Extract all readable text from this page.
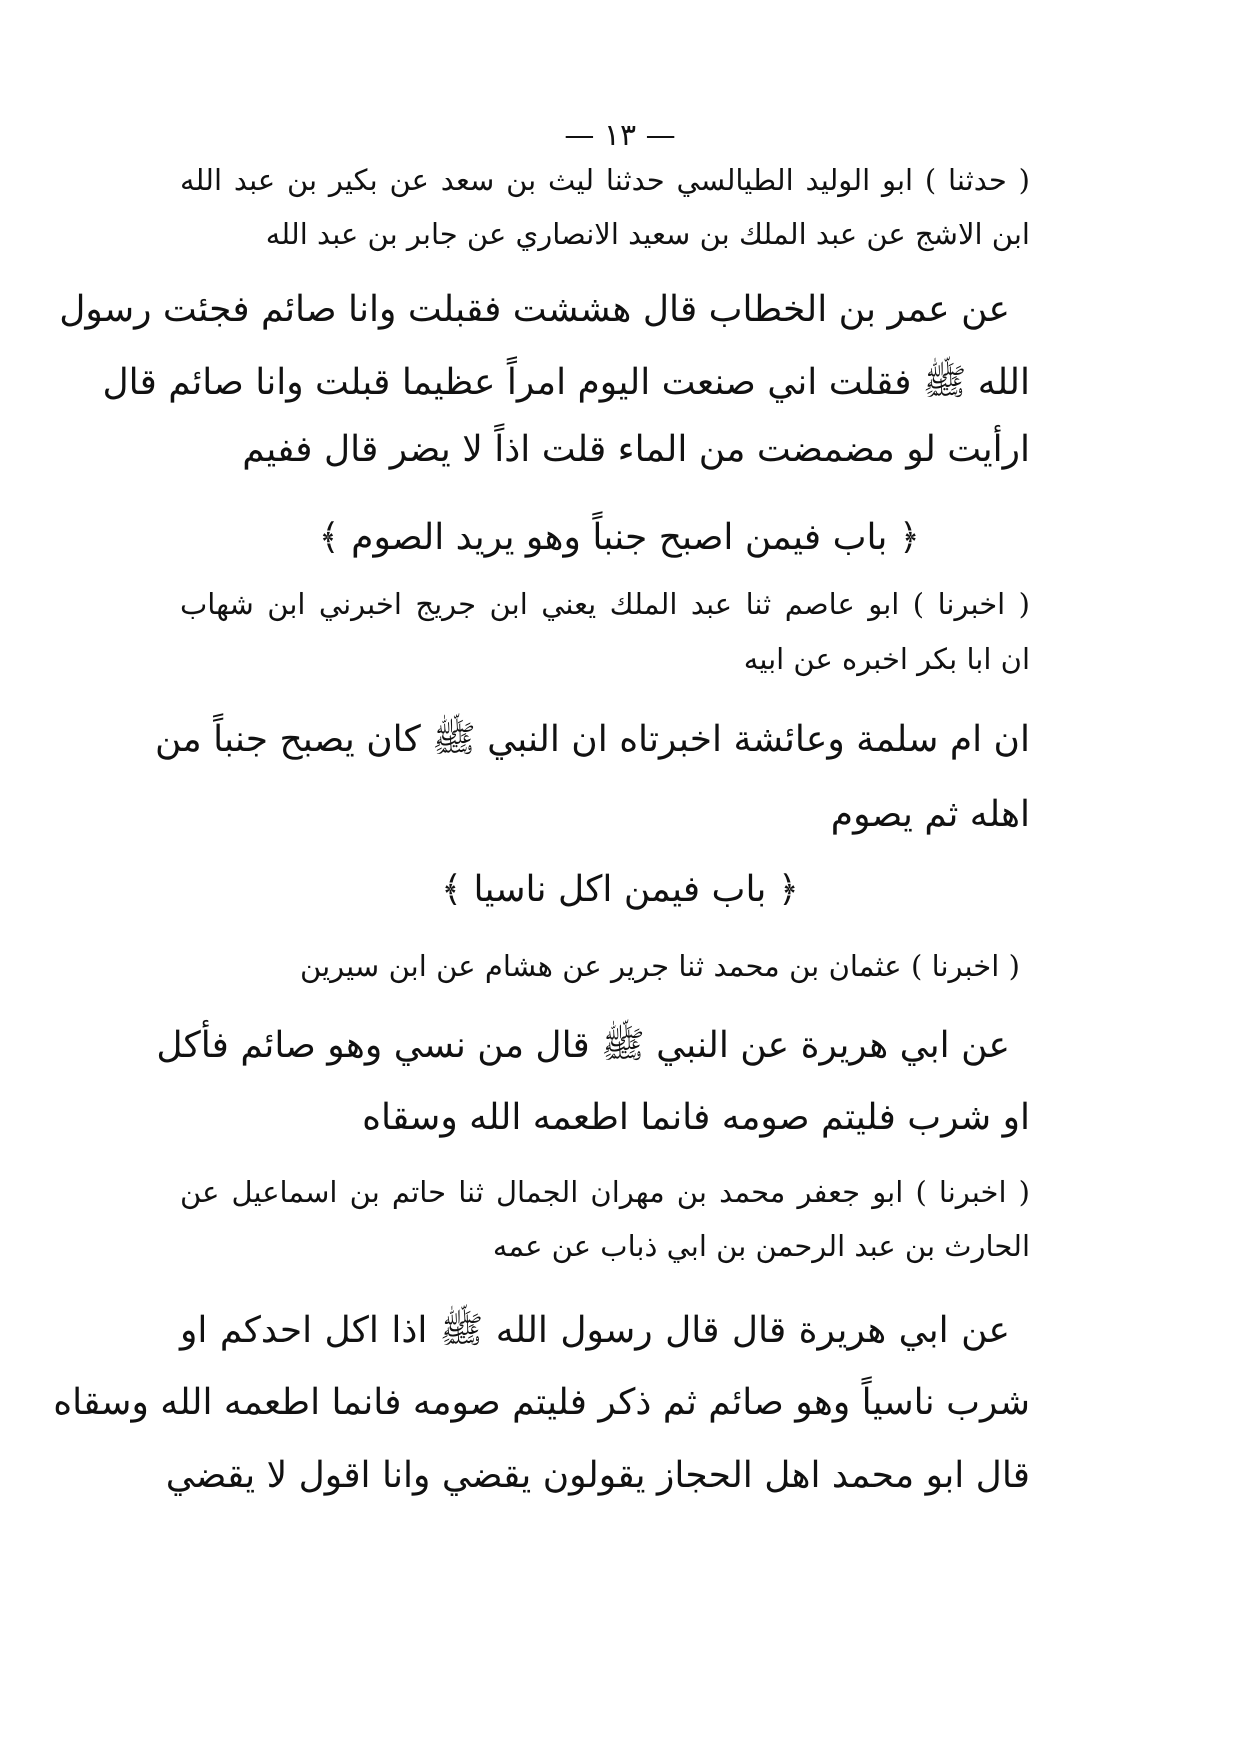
— ١٣ —
( حدثنا ) ابو الوليد الطيالسي حدثنا ليث بن سعد عن بكير بن عبد الله
ابن الاشج عن عبد الملك بن سعيد الانصاري عن جابر بن عبد الله
عن عمر بن الخطاب قال هششت فقبلت وانا صائم فجئت رسول
الله ﷺ فقلت اني صنعت اليوم امراً عظيما قبلت وانا صائم قال
ارأيت لو مضمضت من الماء قلت اذاً لا يضر قال ففيم
﴿ باب فيمن اصبح جنباً وهو يريد الصوم ﴾
( اخبرنا ) ابو عاصم ثنا عبد الملك يعني ابن جريج اخبرني ابن شهاب
ان ابا بكر اخبره عن ابيه
ان ام سلمة وعائشة اخبرتاه ان النبي ﷺ كان يصبح جنباً من
اهله ثم يصوم
﴿ باب فيمن اكل ناسيا ﴾
( اخبرنا ) عثمان بن محمد ثنا جرير عن هشام عن ابن سيرين
عن ابي هريرة عن النبي ﷺ قال من نسي وهو صائم فأكل
او شرب فليتم صومه فانما اطعمه الله وسقاه
( اخبرنا ) ابو جعفر محمد بن مهران الجمال ثنا حاتم بن اسماعيل عن
الحارث بن عبد الرحمن بن ابي ذباب عن عمه
عن ابي هريرة قال قال رسول الله ﷺ اذا اكل احدكم او
شرب ناسياً وهو صائم ثم ذكر فليتم صومه فانما اطعمه الله وسقاه
قال ابو محمد اهل الحجاز يقولون يقضي وانا اقول لا يقضي
